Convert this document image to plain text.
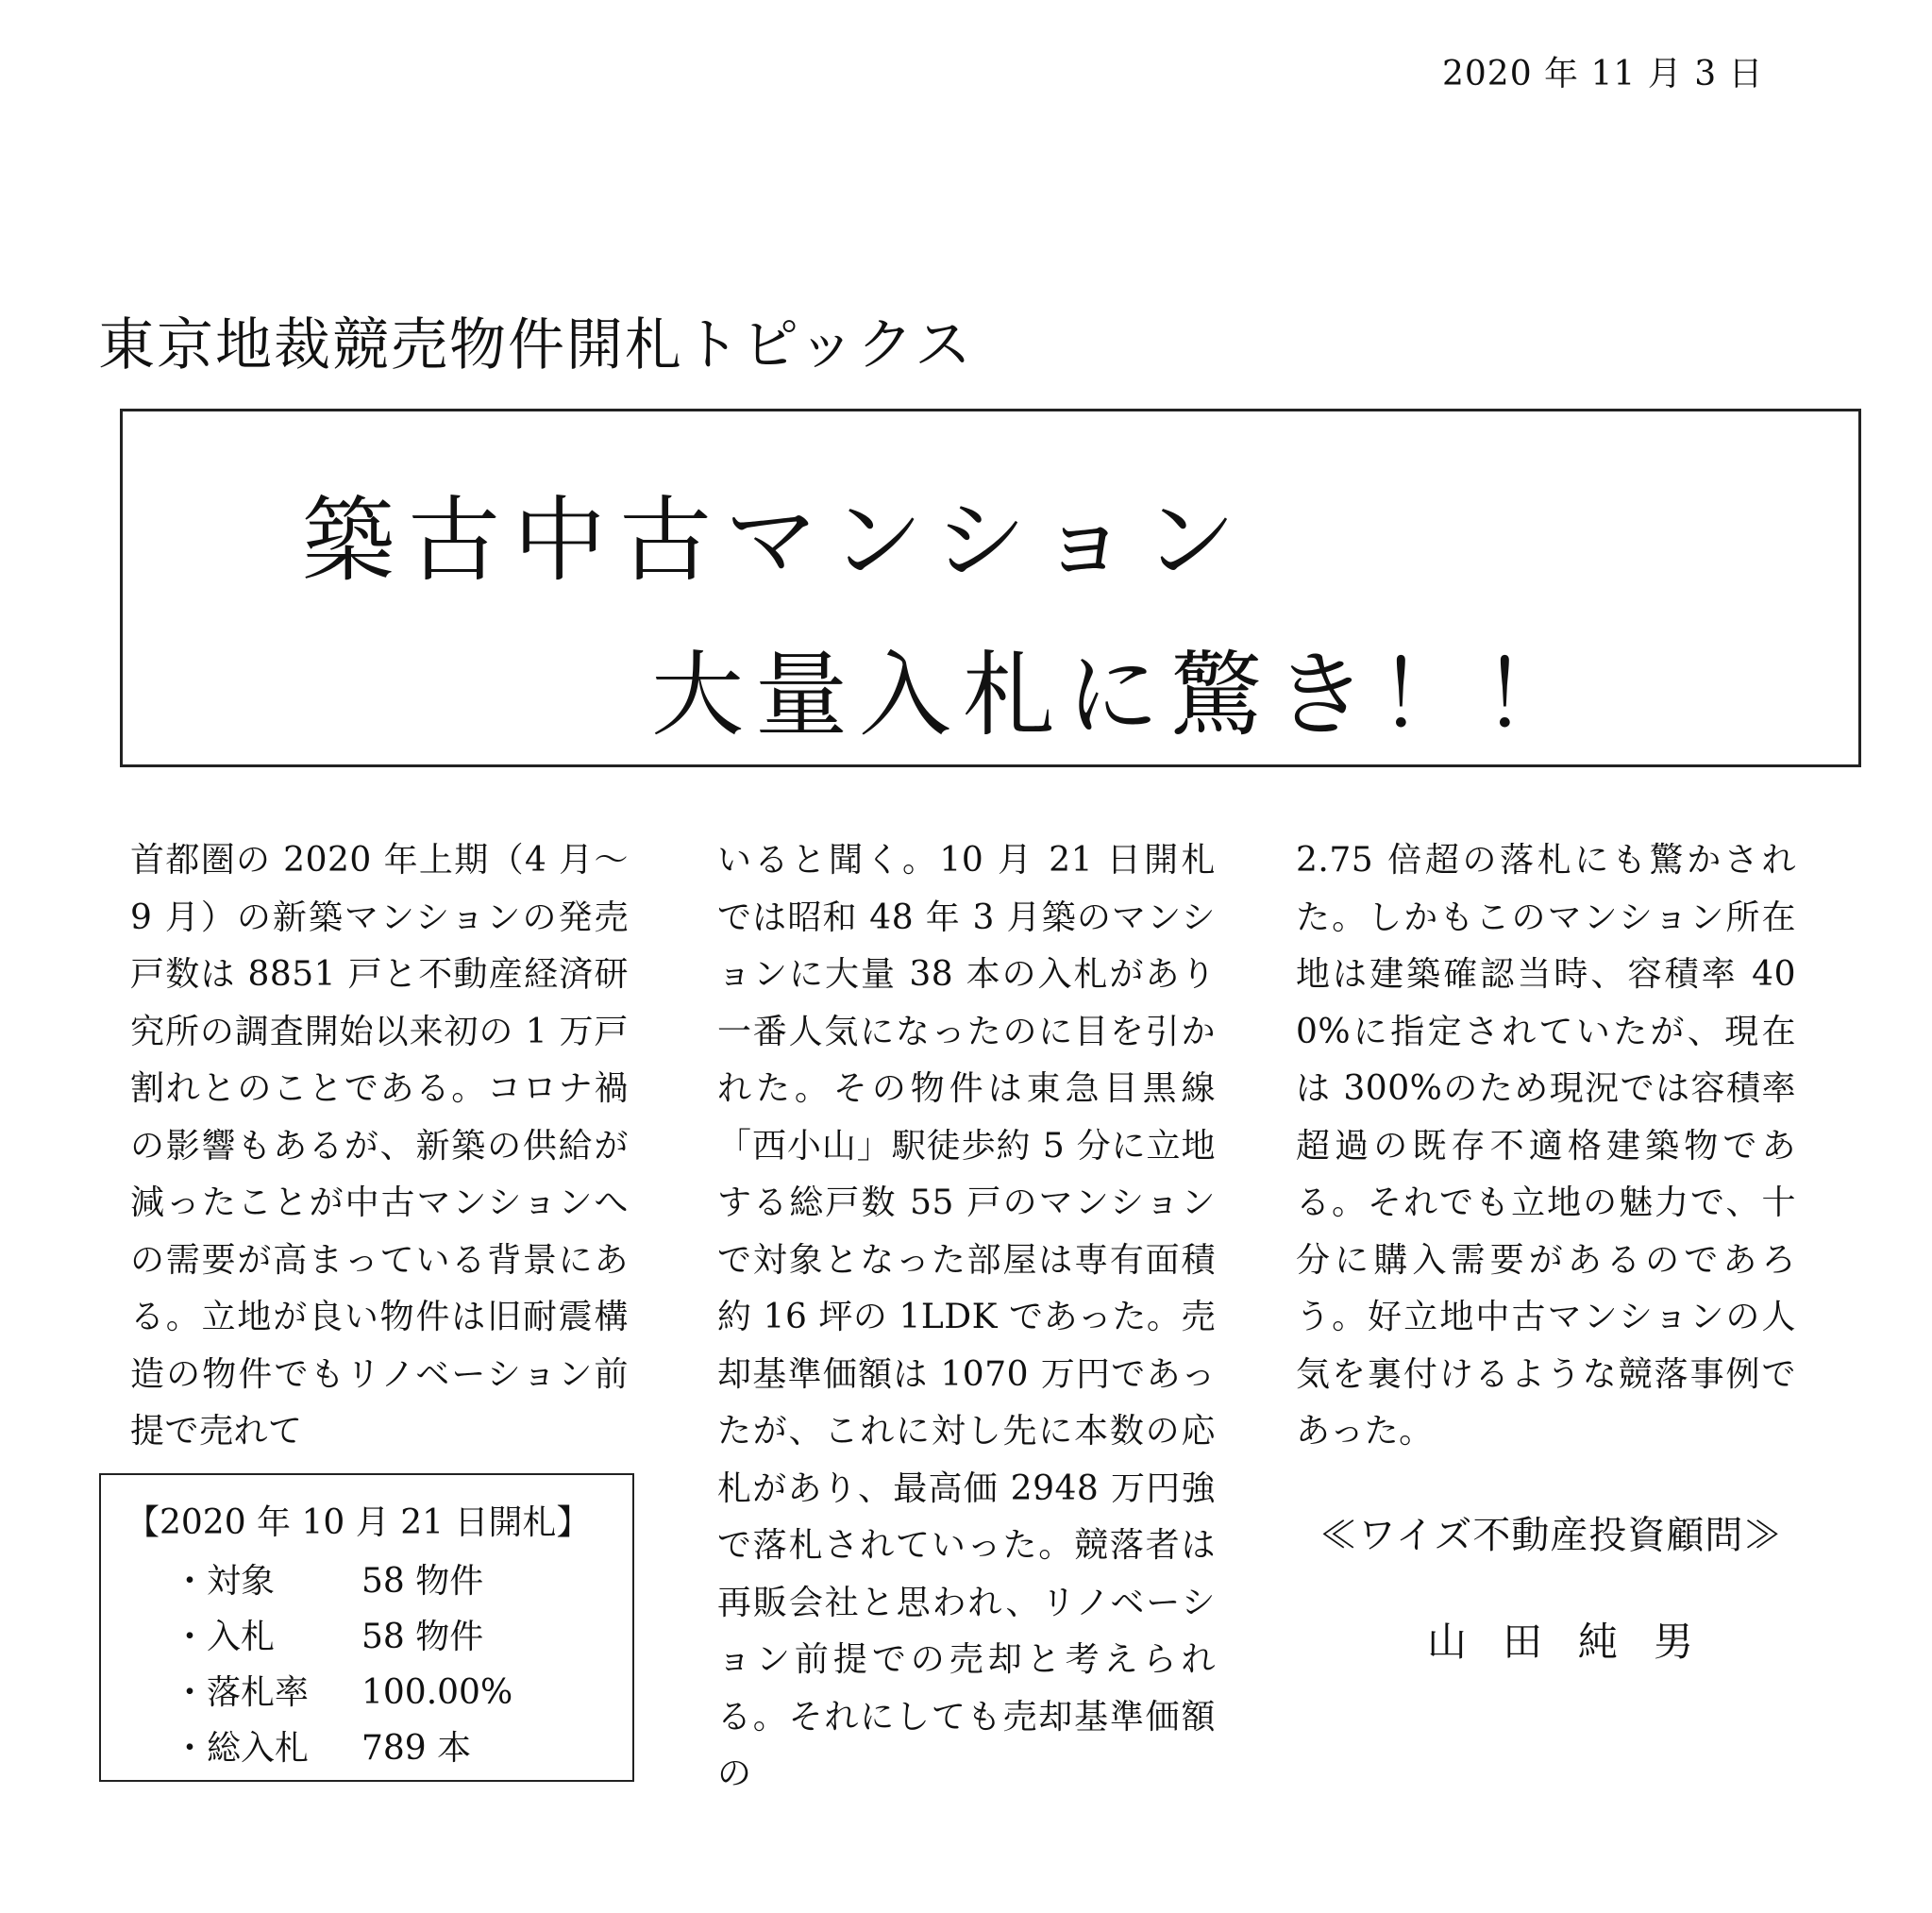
2020 年 11 月 3 日
東京地裁競売物件開札トピックス
築古中古マンション
大量入札に驚き！！
首都圏の 2020 年上期（4 月～9 月）の新築マンションの発売戸数は 8851 戸と不動産経済研究所の調査開始以来初の 1 万戸割れとのことである。コロナ禍の影響もあるが、新築の供給が減ったことが中古マンションへの需要が高まっている背景にある。立地が良い物件は旧耐震構造の物件でもリノベーション前提で売れて
いると聞く。10 月 21 日開札では昭和 48 年 3 月築のマンションに大量 38 本の入札があり一番人気になったのに目を引かれた。その物件は東急目黒線「西小山」駅徒歩約 5 分に立地する総戸数 55 戸のマンションで対象となった部屋は専有面積約 16 坪の 1LDK であった。売却基準価額は 1070 万円であったが、これに対し先に本数の応札があり、最高価 2948 万円強で落札されていった。競落者は再販会社と思われ、リノベーション前提での売却と考えられる。それにしても売却基準価額の
2.75 倍超の落札にも驚かされた。しかもこのマンション所在地は建築確認当時、容積率 400%に指定されていたが、現在は 300%のため現況では容積率超過の既存不適格建築物である。それでも立地の魅力で、十分に購入需要があるのであろう。好立地中古マンションの人気を裏付けるような競落事例であった。
【2020 年 10 月 21 日開札】
・対象	58 物件
・入札	58 物件
・落札率 100.00%
・総入札 789 本
≪ワイズ不動産投資顧問≫
山田純男
